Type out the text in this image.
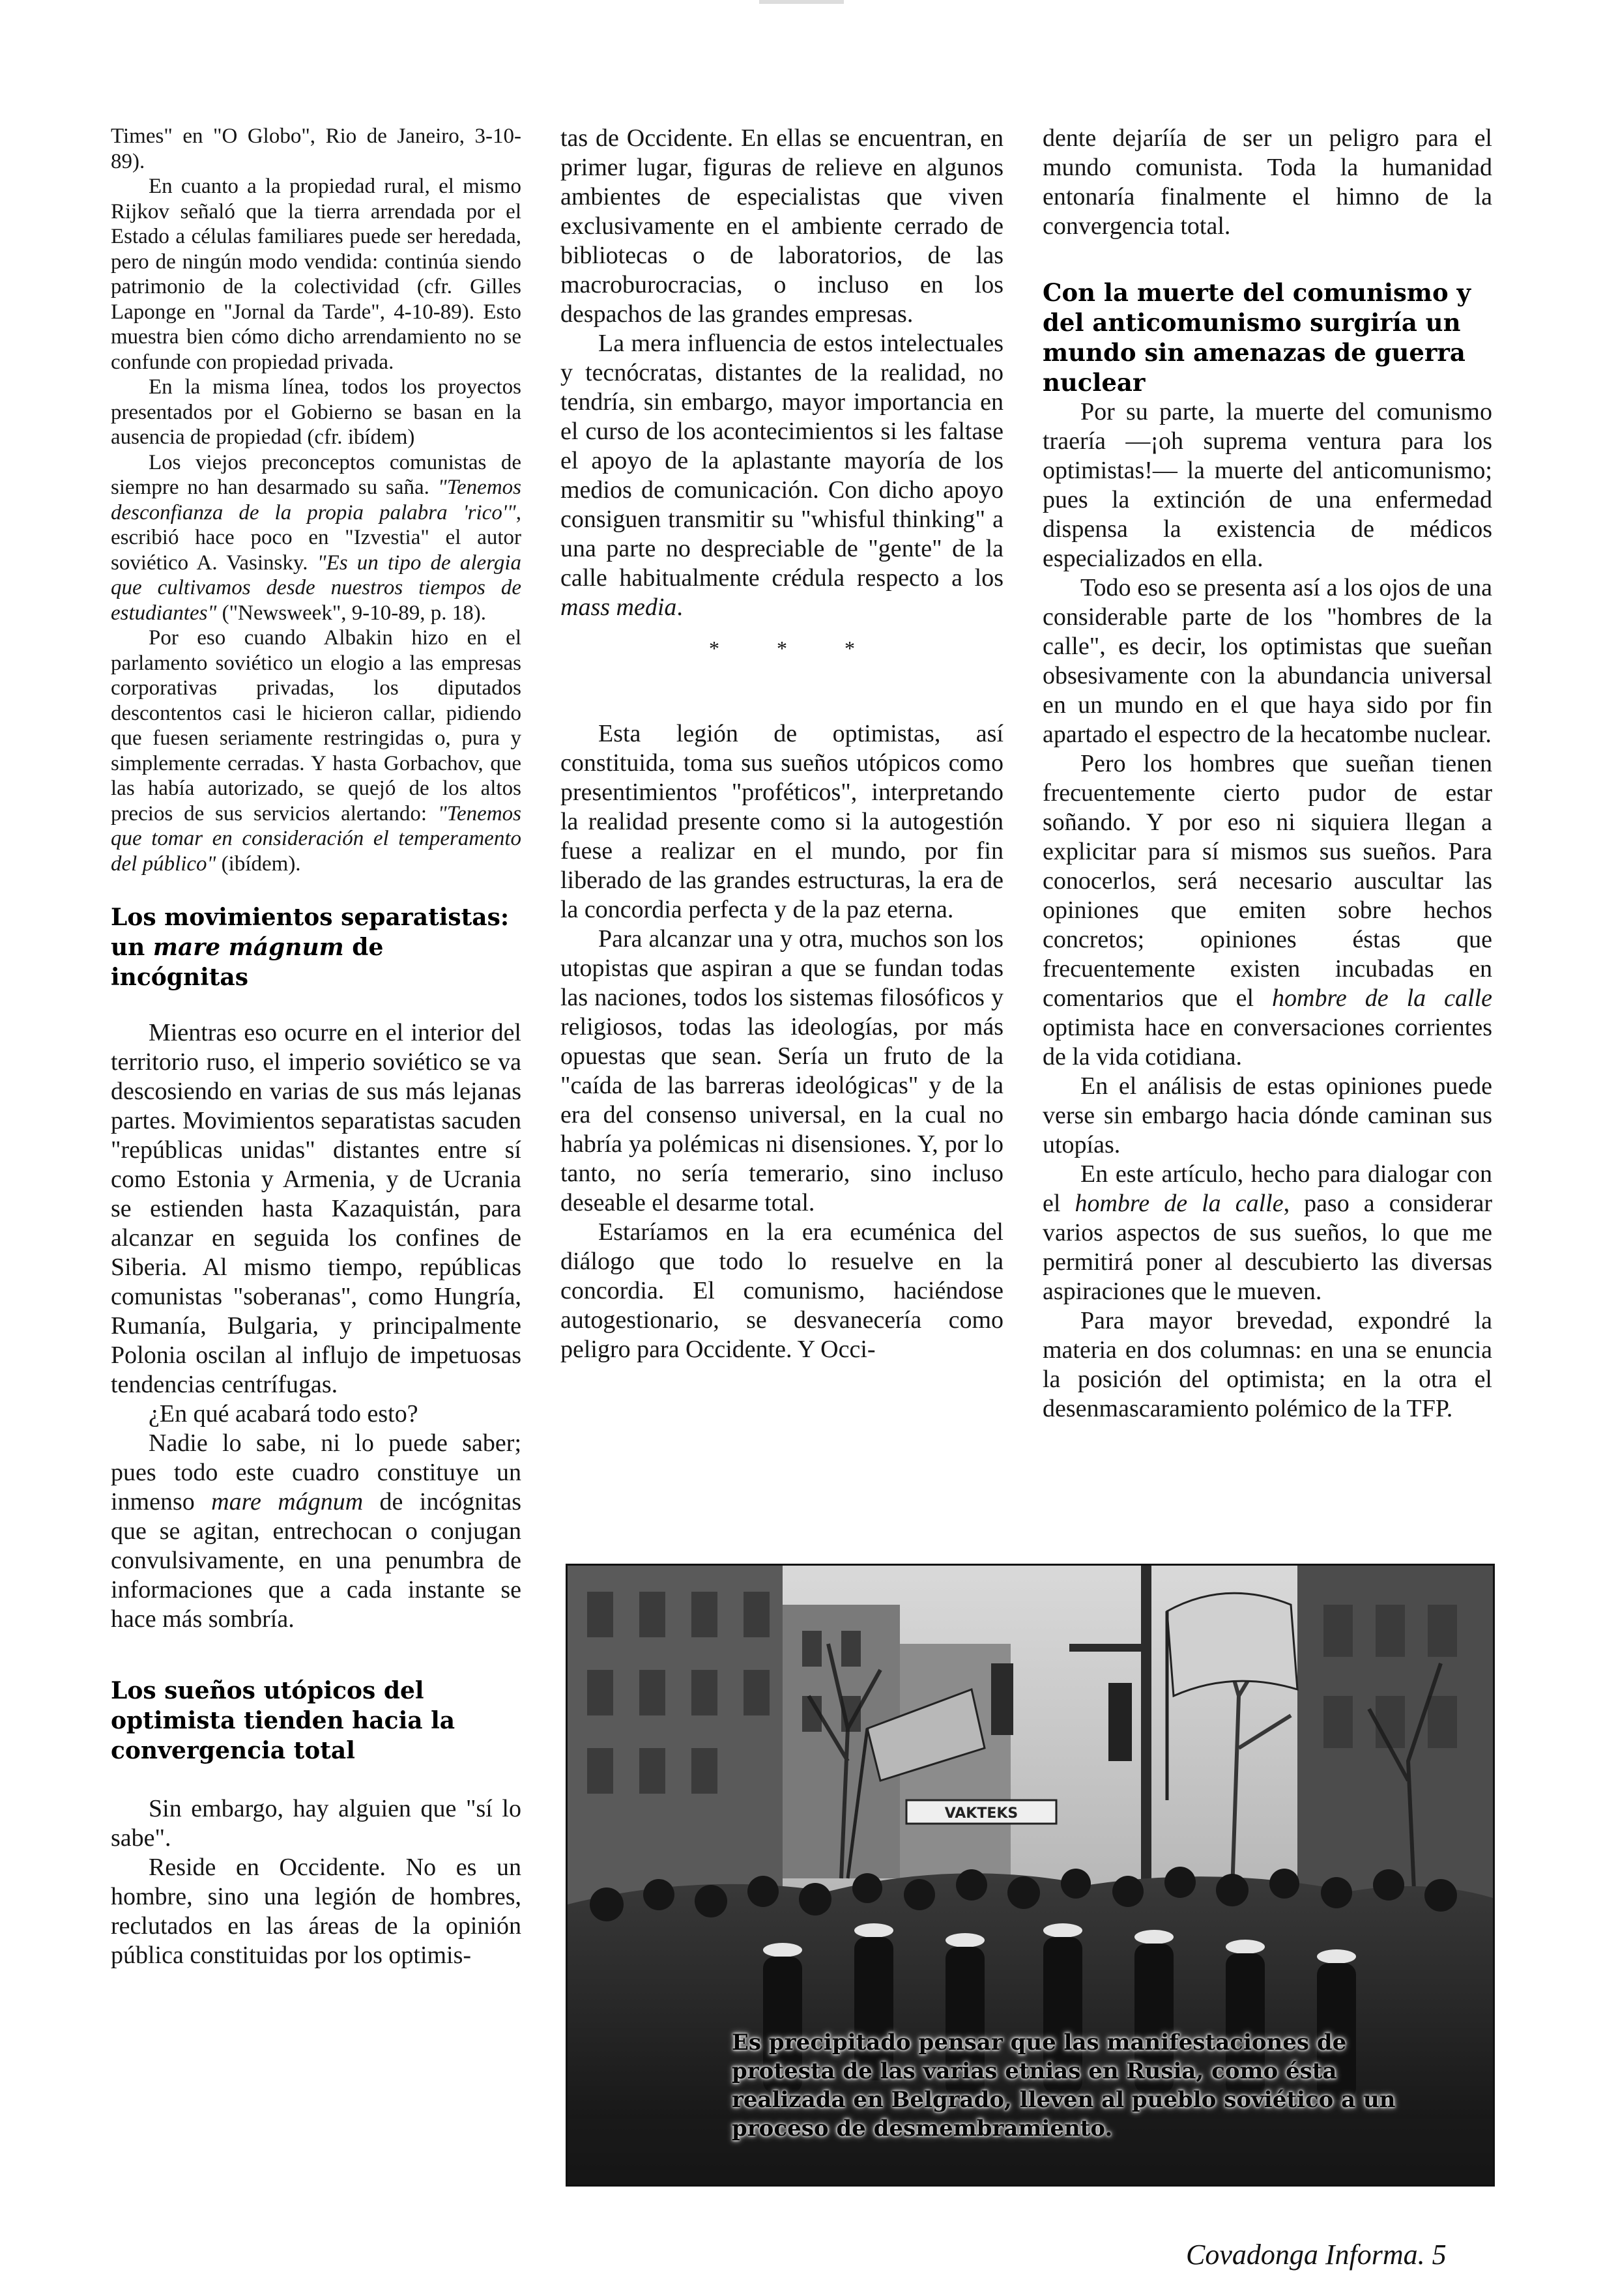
Times" en "O Globo", Rio de Janeiro, 3-10-89).

En cuanto a la propiedad rural, el mismo Rijkov señaló que la tierra arrendada por el Estado a células familiares puede ser heredada, pero de ningún modo vendida: continúa siendo patrimonio de la colectividad (cfr. Gilles Laponge en "Jornal da Tarde", 4-10-89). Esto muestra bien cómo dicho arrendamiento no se confunde con propiedad privada.

En la misma línea, todos los proyectos presentados por el Gobierno se basan en la ausencia de propiedad (cfr. ibídem)

Los viejos preconceptos comunistas de siempre no han desarmado su saña. "Tenemos desconfianza de la propia palabra 'rico'", escribió hace poco en "Izvestia" el autor soviético A. Vasinsky. "Es un tipo de alergia que cultivamos desde nuestros tiempos de estudiantes" ("Newsweek", 9-10-89, p. 18).

Por eso cuando Albakin hizo en el parlamento soviético un elogio a las empresas corporativas privadas, los diputados descontentos casi le hicieron callar, pidiendo que fuesen seriamente restringidas o, pura y simplemente cerradas. Y hasta Gorbachov, que las había autorizado, se quejó de los altos precios de sus servicios alertando: "Tenemos que tomar en consideración el temperamento del público" (ibídem).

Los movimientos separatistas: un mare mágnum de incógnitas

Mientras eso ocurre en el interior del territorio ruso, el imperio soviético se va descosiendo en varias de sus más lejanas partes. Movimientos separatistas sacuden "repúblicas unidas" distantes entre sí como Estonia y Armenia, y de Ucrania se estienden hasta Kazaquistán, para alcanzar en seguida los confines de Siberia. Al mismo tiempo, repúblicas comunistas "soberanas", como Hungría, Rumanía, Bulgaria, y principalmente Polonia oscilan al influjo de impetuosas tendencias centrífugas.

¿En qué acabará todo esto?

Nadie lo sabe, ni lo puede saber; pues todo este cuadro constituye un inmenso mare mágnum de incógnitas que se agitan, entrechocan o conjugan convulsivamente, en una penumbra de informaciones que a cada instante se hace más sombría.

Los sueños utópicos del optimista tienden hacia la convergencia total

Sin embargo, hay alguien que "sí lo sabe".

Reside en Occidente. No es un hombre, sino una legión de hombres, reclutados en las áreas de la opinión pública constituidas por los optimis-

tas de Occidente. En ellas se encuentran, en primer lugar, figuras de relieve en algunos ambientes de especialistas que viven exclusivamente en el ambiente cerrado de bibliotecas o de laboratorios, de las macroburocracias, o incluso en los despachos de las grandes empresas.

La mera influencia de estos intelectuales y tecnócratas, distantes de la realidad, no tendría, sin embargo, mayor importancia en el curso de los acontecimientos si les faltase el apoyo de la aplastante mayoría de los medios de comunicación. Con dicho apoyo consiguen transmitir su "whisful thinking" a una parte no despreciable de "gente" de la calle habitualmente crédula respecto a los mass media.

* * *

Esta legión de optimistas, así constituida, toma sus sueños utópicos como presentimientos "proféticos", interpretando la realidad presente como si la autogestión fuese a realizar en el mundo, por fin liberado de las grandes estructuras, la era de la concordia perfecta y de la paz eterna.

Para alcanzar una y otra, muchos son los utopistas que aspiran a que se fundan todas las naciones, todos los sistemas filosóficos y religiosos, todas las ideologías, por más opuestas que sean. Sería un fruto de la "caída de las barreras ideológicas" y de la era del consenso universal, en la cual no habría ya polémicas ni disensiones. Y, por lo tanto, no sería temerario, sino incluso deseable el desarme total.

Estaríamos en la era ecuménica del diálogo que todo lo resuelve en la concordia. El comunismo, haciéndose autogestionario, se desvanecería como peligro para Occidente. Y Occi-

dente dejaríía de ser un peligro para el mundo comunista. Toda la humanidad entonaría finalmente el himno de la convergencia total.

Con la muerte del comunismo y del anticomunismo surgiría un mundo sin amenazas de guerra nuclear

Por su parte, la muerte del comunismo traería —¡oh suprema ventura para los optimistas!— la muerte del anticomunismo; pues la extinción de una enfermedad dispensa la existencia de médicos especializados en ella.

Todo eso se presenta así a los ojos de una considerable parte de los "hombres de la calle", es decir, los optimistas que sueñan obsesivamente con la abundancia universal en un mundo en el que haya sido por fin apartado el espectro de la hecatombe nuclear.

Pero los hombres que sueñan tienen frecuentemente cierto pudor de estar soñando. Y por eso ni siquiera llegan a explicitar para sí mismos sus sueños. Para conocerlos, será necesario auscultar las opiniones que emiten sobre hechos concretos; opiniones éstas que frecuentemente existen incubadas en comentarios que el hombre de la calle optimista hace en conversaciones corrientes de la vida cotidiana.

En el análisis de estas opiniones puede verse sin embargo hacia dónde caminan sus utopías.

En este artículo, hecho para dialogar con el hombre de la calle, paso a considerar varios aspectos de sus sueños, lo que me permitirá poner al descubierto las diversas aspiraciones que le mueven.

Para mayor brevedad, expondré la materia en dos columnas: en una se enuncia la posición del optimista; en la otra el desenmascaramiento polémico de la TFP.

VAKTEKS
Es precipitado pensar que las manifestaciones de protesta de las varias etnias en Rusia, como ésta realizada en Belgrado, lleven al pueblo soviético a un proceso de desmembramiento.
Covadonga Informa. 5
